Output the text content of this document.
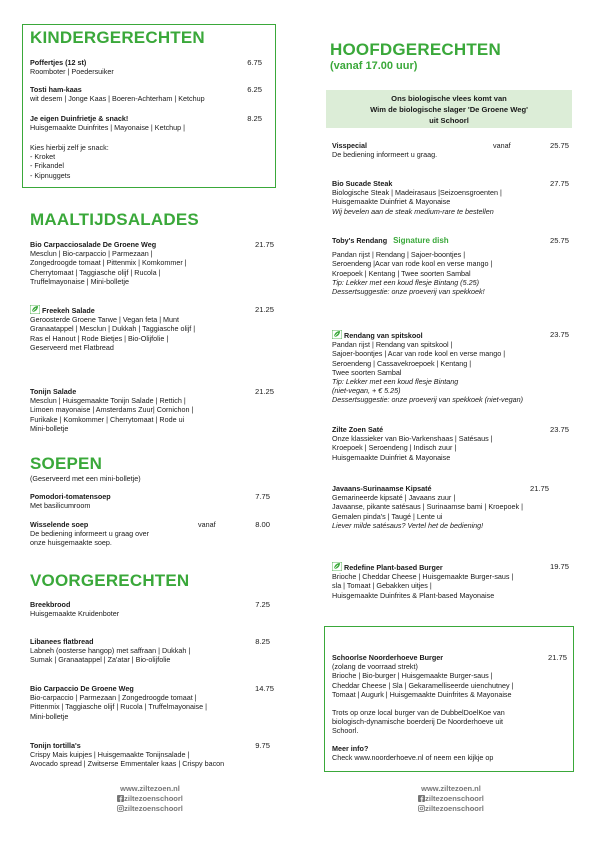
KINDERGERECHTEN
Poffertjes (12 st)	6.75
Roomboter | Poedersuiker
Tosti ham-kaas	6.25
wit desem | Jonge Kaas | Boeren-Achterham | Ketchup
Je eigen Duinfrietje & snack!	8.25
Huisgemaakte Duinfrites | Mayonaise | Ketchup |
Kies hierbij zelf je snack:
- Kroket
- Frikandel
- Kipnuggets
MAALTIJDSALADES
Bio Carpacciosalade De Groene Weg	21.75
Mesclun | Bio-carpaccio | Parmezaan |
Zongedroogde tomaat | Pittenmix | Komkommer |
Cherrytomaat | Taggiasche olijf | Rucola |
Truffelmayonaise | Mini-bolletje
Freekeh Salade	21.25
Geroosterde Groene Tarwe | Vegan feta | Munt
Granaatappel | Mesclun | Dukkah | Taggiasche olijf |
Ras el Hanout | Rode Bietjes | Bio-Olijfolie |
Geserveerd met Flatbread
Tonijn Salade	21.25
Mesclun | Huisgemaakte Tonijn Salade | Rettich |
Limoen mayonaise | Amsterdams Zuur| Cornichon |
Furikake | Komkommer | Cherrytomaat | Rode ui
Mini-bolletje
SOEPEN
(Geserveerd met een mini-bolletje)
Pomodori-tomatensoep	7.75
Met basilicumroom
Wisselende soep	8.00
De bediening informeert u graag over
onze huisgemaakte soep.
vanaf
VOORGERECHTEN
Breekbrood	7.25
Huisgemaakte Kruidenboter
Libanees flatbread	8.25
Labneh (oosterse hangop) met saffraan | Dukkah |
Sumak | Granaatappel | Za'atar | Bio-olijfolie
Bio Carpaccio De Groene Weg	14.75
Bio-carpaccio | Parmezaan | Zongedroogde tomaat |
Pittenmix | Taggiasche olijf | Rucola | Truffelmayonaise |
Mini-bolletje
Tonijn tortilla's	9.75
Crispy Mais kuipjes | Huisgemaakte Tonijnsalade |
Avocado spread | Zwitserse Emmentaler kaas | Crispy bacon
www.ziltezoen.nl
ziltezoenschoorl
ziltezoenschoorl
HOOFDGERECHTEN
(vanaf 17.00 uur)
Ons biologische vlees komt van
Wim de biologische slager 'De Groene Weg'
uit Schoorl
Visspecial	25.75
De bediening informeert u graag.
vanaf
Bio Sucade Steak	27.75
Biologische Steak | Madeirasaus |Seizoensgroenten |
Huisgemaakte Duinfriet & Mayonaise
Wij bevelen aan de steak medium-rare te bestellen
Toby's Rendang Signature dish	25.75
Pandan rijst | Rendang | Sajoer-boontjes |
Seroendeng |Acar van rode kool en verse mango |
Kroepoek | Kentang | Twee soorten Sambal
Tip: Lekker met een koud flesje Bintang (5.25)
Dessertsuggestie: onze proeverij van spekkoek!
Rendang van spitskool	23.75
Pandan rijst | Rendang van spitskool |
Sajoer-boontjes | Acar van rode kool en verse mango |
Seroendeng | Cassavekroepoek | Kentang |
Twee soorten Sambal
Tip: Lekker met een koud flesje Bintang
(niet-vegan, + € 5.25)
Dessertsuggestie: onze proeverij van spekkoek (niet-vegan)
Zilte Zoen Saté	23.75
Onze klassieker van Bio-Varkenshaas | Satésaus |
Kroepoek | Seroendeng | Indisch zuur |
Huisgemaakte Duinfriet & Mayonaise
Javaans-Surinaamse Kipsaté	21.75
Gemarineerde kipsaté | Javaans zuur |
Javaanse, pikante satésaus | Surinaamse bami | Kroepoek |
Gemalen pinda's | Taugé | Lente ui
Liever milde satésaus? Vertel het de bediening!
Redefine Plant-based Burger	19.75
Brioche | Cheddar Cheese | Huisgemaakte Burger-saus |
sla | Tomaat | Gebakken uitjes |
Huisgemaakte Duinfrites & Plant-based Mayonaise
Schoorlse Noorderhoeve Burger	21.75
(zolang de voorraad strekt)
Brioche | Bio-burger | Huisgemaakte Burger-saus |
Cheddar Cheese | Sla | Gekaramelliseerde uienchutney |
Tomaat | Augurk | Huisgemaakte Duinfrites & Mayonaise
Trots op onze local burger van de DubbelDoelKoe van
biologisch-dynamische boerderij De Noorderhoeve uit
Schoorl.
Meer info?
Check www.noorderhoeve.nl of neem een kijkje op
www.ziltezoen.nl
ziltezoenschoorl
ziltezoenschoorl
